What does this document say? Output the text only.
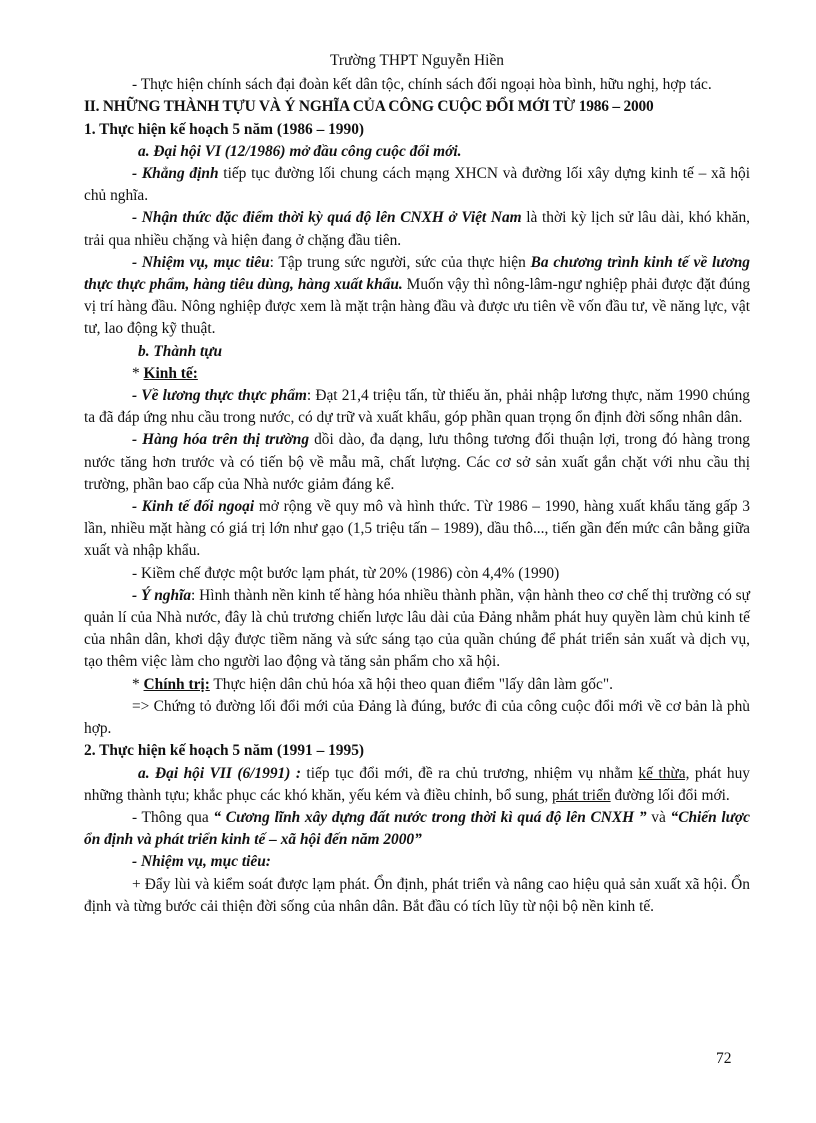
Trường THPT Nguyễn Hiền

- Thực hiện chính sách đại đoàn kết dân tộc, chính sách đối ngoại hòa bình, hữu nghị, hợp tác.

II. NHỮNG THÀNH TỰU VÀ Ý NGHĨA CỦA CÔNG CUỘC ĐỔI MỚI TỪ 1986 – 2000

1. Thực hiện kế hoạch 5 năm (1986 – 1990)

a. Đại hội VI (12/1986) mở đầu công cuộc đổi mới.

- Khẳng định tiếp tục đường lối chung cách mạng XHCN và đường lối xây dựng kinh tế – xã hội chủ nghĩa.

- Nhận thức đặc điểm thời kỳ quá độ lên CNXH ở Việt Nam là thời kỳ lịch sử lâu dài, khó khăn, trải qua nhiều chặng và hiện đang ở chặng đầu tiên.

- Nhiệm vụ, mục tiêu: Tập trung sức người, sức của thực hiện Ba chương trình kinh tế về lương thực thực phẩm, hàng tiêu dùng, hàng xuất khẩu. Muốn vậy thì nông-lâm-ngư nghiệp phải được đặt đúng vị trí hàng đầu. Nông nghiệp được xem là mặt trận hàng đầu và được ưu tiên về vốn đầu tư, về năng lực, vật tư, lao động kỹ thuật.

b. Thành tựu

* Kinh tế:

- Về lương thực thực phẩm: Đạt 21,4 triệu tấn, từ thiếu ăn, phải nhập lương thực, năm 1990 chúng ta đã đáp ứng nhu cầu trong nước, có dự trữ và xuất khẩu, góp phần quan trọng ổn định đời sống nhân dân.

- Hàng hóa trên thị trường dồi dào, đa dạng, lưu thông tương đối thuận lợi, trong đó hàng trong nước tăng hơn trước và có tiến bộ về mẫu mã, chất lượng. Các cơ sở sản xuất gắn chặt với nhu cầu thị trường, phần bao cấp của Nhà nước giảm đáng kể.

- Kinh tế đối ngoại mở rộng về quy mô và hình thức. Từ 1986 – 1990, hàng xuất khẩu tăng gấp 3 lần, nhiều mặt hàng có giá trị lớn như gạo (1,5 triệu tấn – 1989), dầu thô..., tiến gần đến mức cân bằng giữa xuất và nhập khẩu.

- Kiềm chế được một bước lạm phát, từ 20% (1986) còn 4,4% (1990)

- Ý nghĩa: Hình thành nền kinh tế hàng hóa nhiều thành phần, vận hành theo cơ chế thị trường có sự quản lí của Nhà nước, đây là chủ trương chiến lược lâu dài của Đảng nhằm phát huy quyền làm chủ kinh tế của nhân dân, khơi dậy được tiềm năng và sức sáng tạo của quần chúng để phát triển sản xuất và dịch vụ, tạo thêm việc làm cho người lao động và tăng sản phẩm cho xã hội.

* Chính trị: Thực hiện dân chủ hóa xã hội theo quan điểm "lấy dân làm gốc".

=> Chứng tỏ đường lối đổi mới của Đảng là đúng, bước đi của công cuộc đổi mới về cơ bản là phù hợp.

2. Thực hiện kế hoạch 5 năm (1991 – 1995)

a. Đại hội VII (6/1991) : tiếp tục đổi mới, đề ra chủ trương, nhiệm vụ nhằm kế thừa, phát huy những thành tựu; khắc phục các khó khăn, yếu kém và điều chỉnh, bổ sung, phát triển đường lối đổi mới.

- Thông qua “ Cương lĩnh xây dựng đất nước trong thời kì quá độ lên CNXH ” và “Chiến lược ổn định và phát triển kinh tế – xã hội đến năm 2000”

- Nhiệm vụ, mục tiêu:

+ Đẩy lùi và kiểm soát được lạm phát. Ổn định, phát triển và nâng cao hiệu quả sản xuất xã hội. Ổn định và từng bước cải thiện đời sống của nhân dân. Bắt đầu có tích lũy từ nội bộ nền kinh tế.

72
